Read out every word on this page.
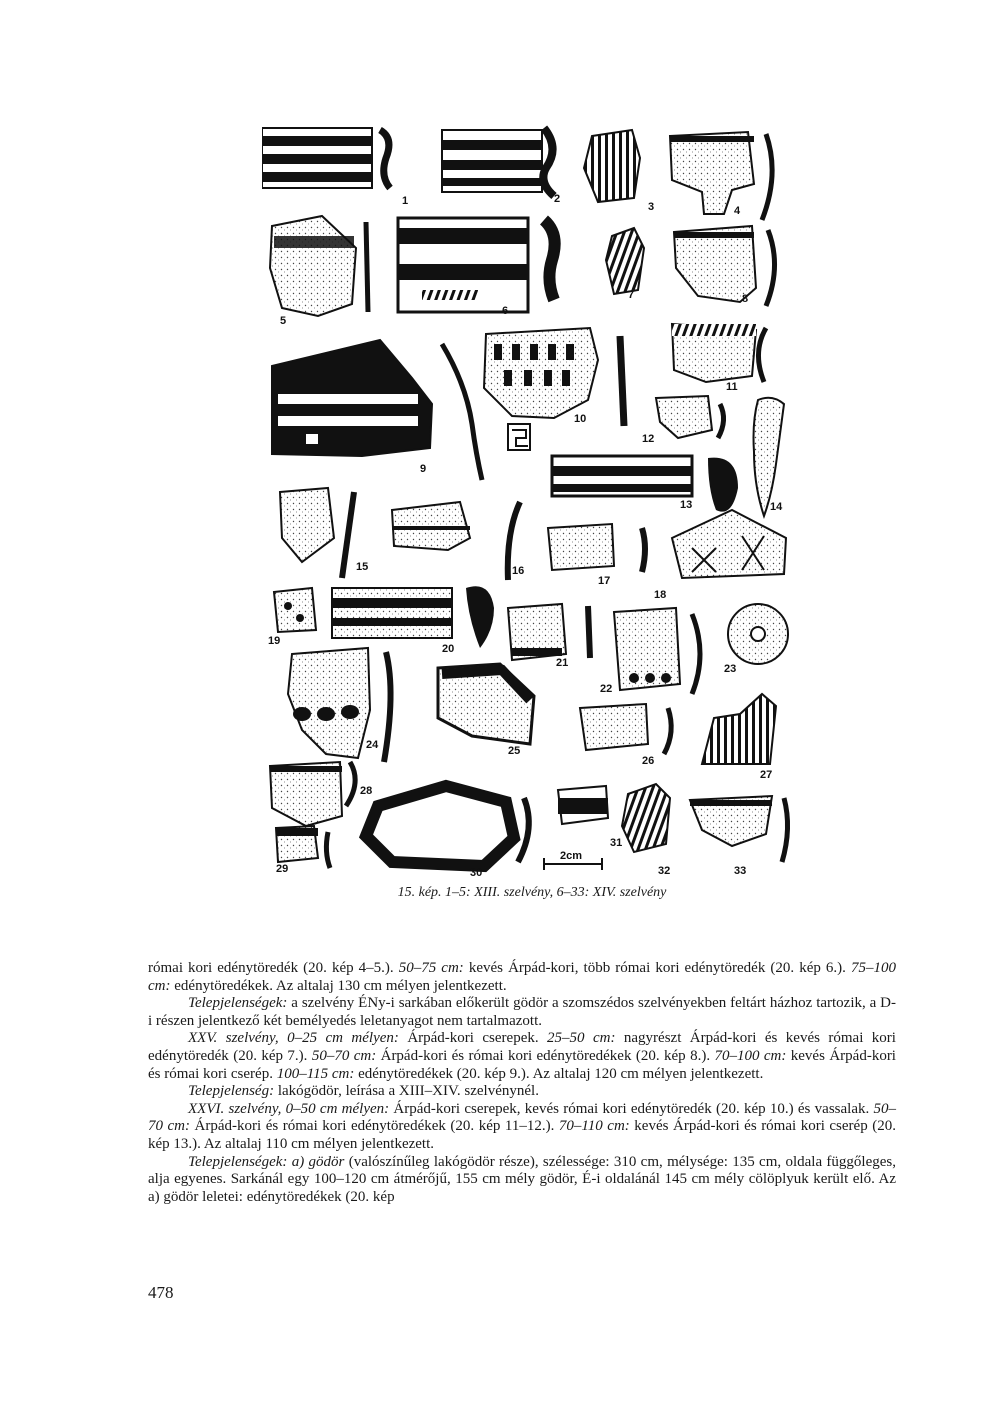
2cm
1	2
3	4
5
6
7	8
9
10
11
12
13	14
15	16
17
18
19
20
21
22
23
24	25
26
27
28
29	30
31
32	33
15. kép. 1–5: XIII. szelvény, 6–33: XIV. szelvény

római kori edénytöredék (20. kép 4–5.). 50–75 cm: kevés Árpád-kori, több római kori edénytöredék (20. kép 6.). 75–100 cm: edénytöredékek. Az altalaj 130 cm mélyen jelentkezett.

Telepjelenségek: a szelvény ÉNy-i sarkában előkerült gödör a szomszédos szelvényekben feltárt házhoz tartozik, a D-i részen jelentkező két bemélyedés leletanyagot nem tartalmazott.

XXV. szelvény, 0–25 cm mélyen: Árpád-kori cserepek. 25–50 cm: nagyrészt Árpád-kori és kevés római kori edénytöredék (20. kép 7.). 50–70 cm: Árpád-kori és római kori edénytöredékek (20. kép 8.). 70–100 cm: kevés Árpád-kori és római kori cserép. 100–115 cm: edénytöredékek (20. kép 9.). Az altalaj 120 cm mélyen jelentkezett.

Telepjelenség: lakógödör, leírása a XIII–XIV. szelvénynél.

XXVI. szelvény, 0–50 cm mélyen: Árpád-kori cserepek, kevés római kori edénytöredék (20. kép 10.) és vassalak. 50–70 cm: Árpád-kori és római kori edénytöredékek (20. kép 11–12.). 70–110 cm: kevés Árpád-kori és római kori cserép (20. kép 13.). Az altalaj 110 cm mélyen jelentkezett.

Telepjelenségek: a) gödör (valószínűleg lakógödör része), szélessége: 310 cm, mélysége: 135 cm, oldala függőleges, alja egyenes. Sarkánál egy 100–120 cm átmérőjű, 155 cm mély gödör, É-i oldalánál 145 cm mély cölöplyuk került elő. Az a) gödör leletei: edénytöredékek (20. kép

478
